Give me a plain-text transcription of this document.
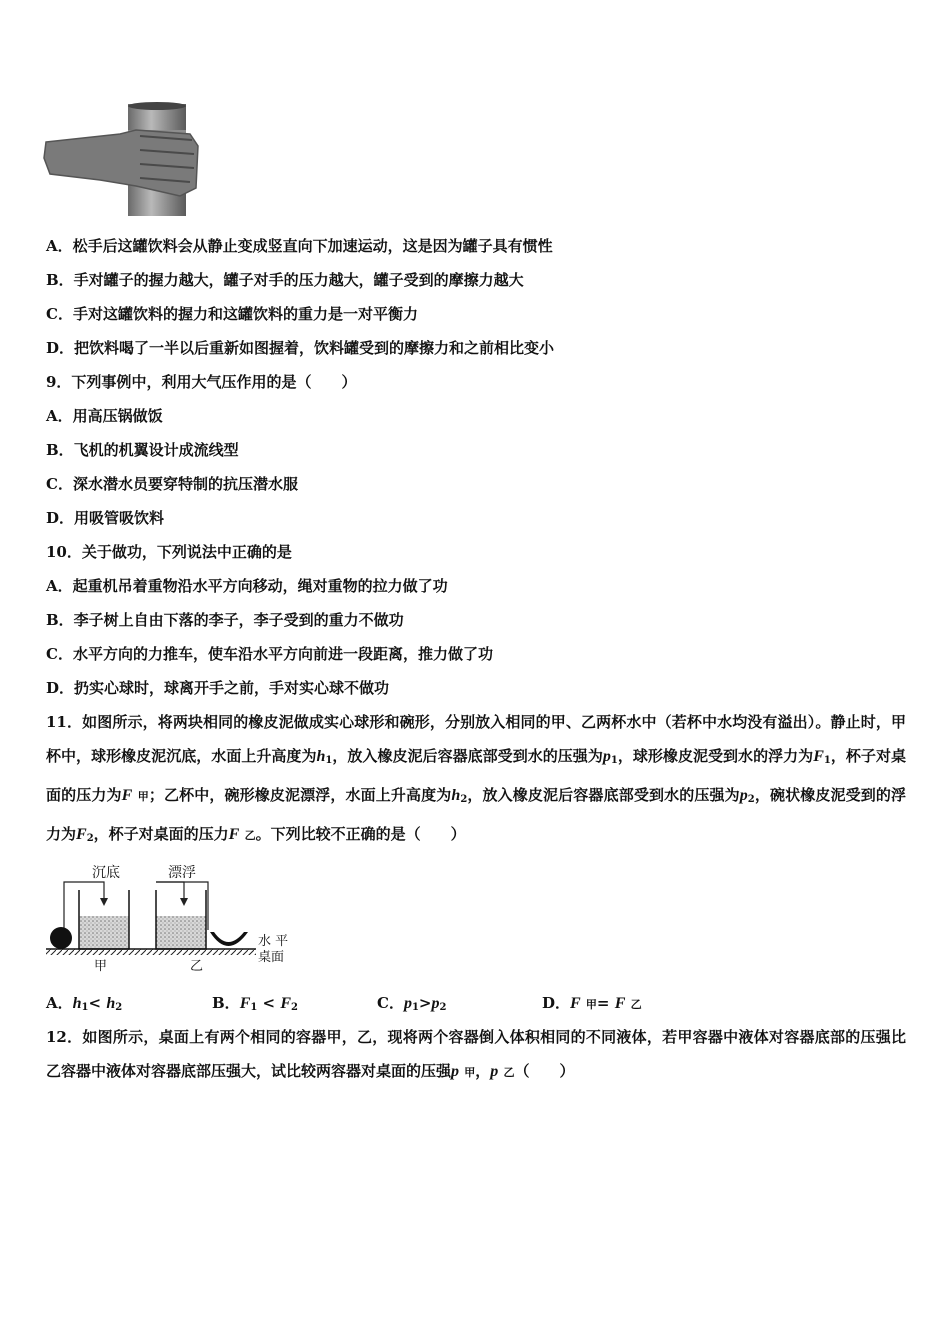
A．松手后这罐饮料会从静止变成竖直向下加速运动，这是因为罐子具有惯性
B．手对罐子的握力越大，罐子对手的压力越大，罐子受到的摩擦力越大
C．手对这罐饮料的握力和这罐饮料的重力是一对平衡力
D．把饮料喝了一半以后重新如图握着，饮料罐受到的摩擦力和之前相比变小
9．下列事例中，利用大气压作用的是（　　）
A．用高压锅做饭
B．飞机的机翼设计成流线型
C．深水潜水员要穿特制的抗压潜水服
D．用吸管吸饮料
10．关于做功，下列说法中正确的是
A．起重机吊着重物沿水平方向移动，绳对重物的拉力做了功
B．李子树上自由下落的李子，李子受到的重力不做功
C．水平方向的力推车，使车沿水平方向前进一段距离，推力做了功
D．扔实心球时，球离开手之前，手对实心球不做功

11．如图所示，将两块相同的橡皮泥做成实心球形和碗形，分别放入相同的甲、乙两杯水中（若杯中水均没有溢出）。静止时，甲杯中，球形橡皮泥沉底，水面上升高度为$h_1$，放入橡皮泥后容器底部受到水的压强为$p_1$，球形橡皮泥受到水的浮力为$F_1$，杯子对桌面的压力为F 甲；乙杯中，碗形橡皮泥漂浮，水面上升高度为$h_2$，放入橡皮泥后容器底部受到水的压强为$p_2$，碗状橡皮泥受到的浮力为$F_2$，杯子对桌面的压力F 乙。下列比较不正确的是（　　）

沉底	漂浮
甲	乙
水 平
桌面
A．$h_1< h_2$	B．$F_1 < F_2$	C．$p_1>p_2$	D．F 甲= F 乙

12．如图所示，桌面上有两个相同的容器甲，乙，现将两个容器倒入体积相同的不同液体，若甲容器中液体对容器底部的压强比乙容器中液体对容器底部压强大，试比较两容器对桌面的压强p 甲，p 乙（　　）
